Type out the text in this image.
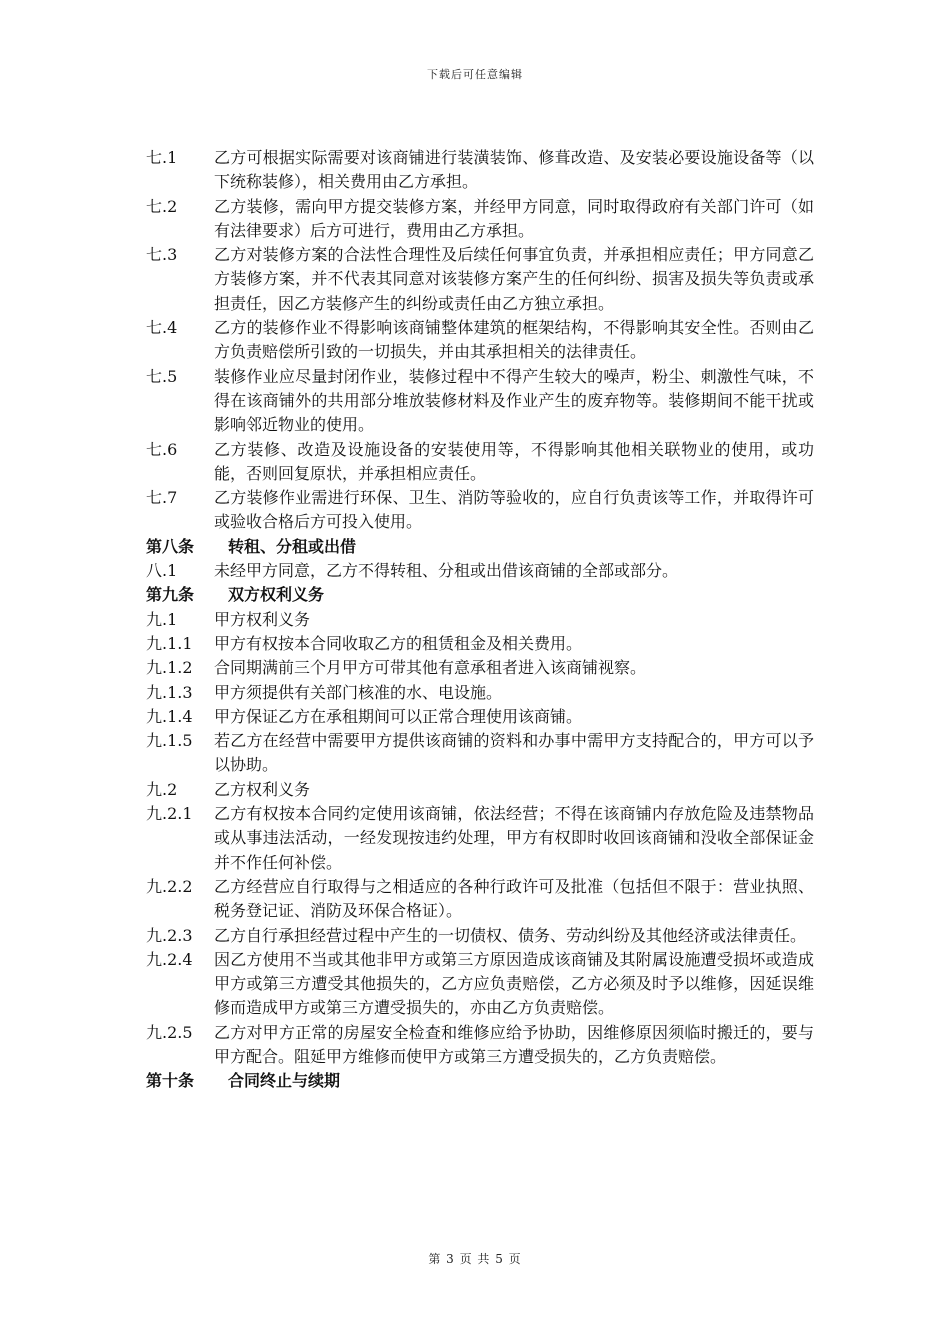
下载后可任意编辑
七.1	乙方可根据实际需要对该商铺进行装潢装饰、修葺改造、及安装必要设施设备等（以下统称装修），相关费用由乙方承担。
七.2	乙方装修，需向甲方提交装修方案，并经甲方同意，同时取得政府有关部门许可（如有法律要求）后方可进行，费用由乙方承担。
七.3	乙方对装修方案的合法性合理性及后续任何事宜负责，并承担相应责任；甲方同意乙方装修方案，并不代表其同意对该装修方案产生的任何纠纷、损害及损失等负责或承担责任，因乙方装修产生的纠纷或责任由乙方独立承担。
七.4	乙方的装修作业不得影响该商铺整体建筑的框架结构，不得影响其安全性。否则由乙方负责赔偿所引致的一切损失，并由其承担相关的法律责任。
七.5	装修作业应尽量封闭作业，装修过程中不得产生较大的噪声，粉尘、刺激性气味，不得在该商铺外的共用部分堆放装修材料及作业产生的废弃物等。装修期间不能干扰或影响邻近物业的使用。
七.6	乙方装修、改造及设施设备的安装使用等，不得影响其他相关联物业的使用，或功能，否则回复原状，并承担相应责任。
七.7	乙方装修作业需进行环保、卫生、消防等验收的，应自行负责该等工作，并取得许可或验收合格后方可投入使用。
第八条	转租、分租或出借
八.1	未经甲方同意，乙方不得转租、分租或出借该商铺的全部或部分。
第九条	双方权利义务
九.1	甲方权利义务
九.1.1	甲方有权按本合同收取乙方的租赁租金及相关费用。
九.1.2	合同期满前三个月甲方可带其他有意承租者进入该商铺视察。
九.1.3	甲方须提供有关部门核准的水、电设施。
九.1.4	甲方保证乙方在承租期间可以正常合理使用该商铺。
九.1.5	若乙方在经营中需要甲方提供该商铺的资料和办事中需甲方支持配合的，甲方可以予以协助。
九.2	乙方权利义务
九.2.1	乙方有权按本合同约定使用该商铺，依法经营；不得在该商铺内存放危险及违禁物品或从事违法活动，一经发现按违约处理，甲方有权即时收回该商铺和没收全部保证金并不作任何补偿。
九.2.2	乙方经营应自行取得与之相适应的各种行政许可及批准（包括但不限于：营业执照、税务登记证、消防及环保合格证）。
九.2.3	乙方自行承担经营过程中产生的一切债权、债务、劳动纠纷及其他经济或法律责任。
九.2.4	因乙方使用不当或其他非甲方或第三方原因造成该商铺及其附属设施遭受损坏或造成甲方或第三方遭受其他损失的，乙方应负责赔偿，乙方必须及时予以维修，因延误维修而造成甲方或第三方遭受损失的，亦由乙方负责赔偿。
九.2.5	乙方对甲方正常的房屋安全检查和维修应给予协助，因维修原因须临时搬迁的，要与甲方配合。阻延甲方维修而使甲方或第三方遭受损失的，乙方负责赔偿。
第十条	合同终止与续期
第 3 页 共 5 页
